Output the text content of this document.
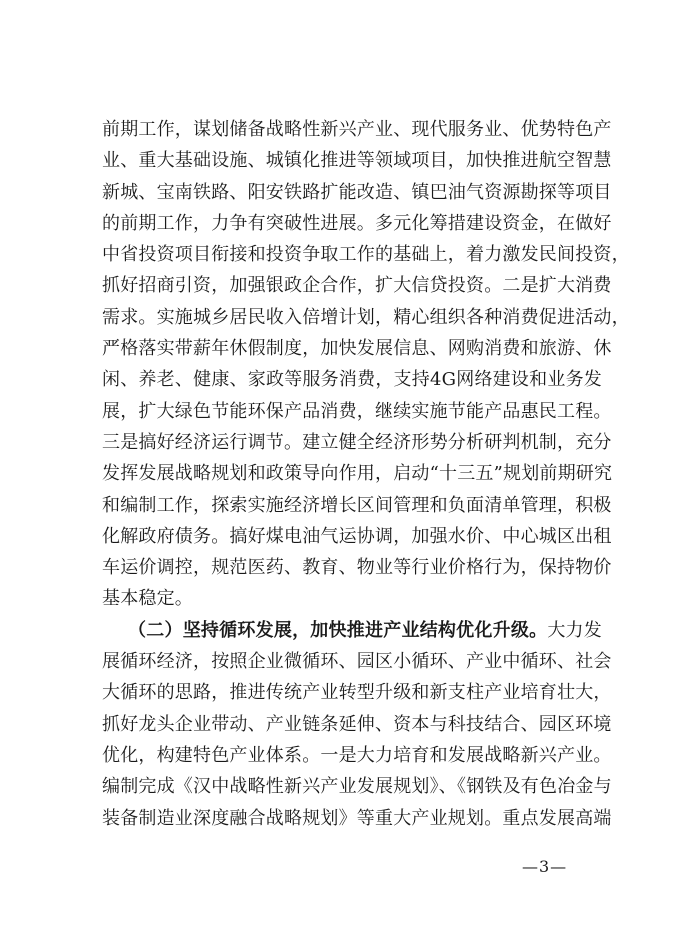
前期工作，谋划储备战略性新兴产业、现代服务业、优势特色产
业、重大基础设施、城镇化推进等领域项目，加快推进航空智慧
新城、宝南铁路、阳安铁路扩能改造、镇巴油气资源勘探等项目
的前期工作，力争有突破性进展。多元化筹措建设资金，在做好
中省投资项目衔接和投资争取工作的基础上，着力激发民间投资，
抓好招商引资，加强银政企合作，扩大信贷投资。二是扩大消费
需求。实施城乡居民收入倍增计划，精心组织各种消费促进活动，
严格落实带薪年休假制度，加快发展信息、网购消费和旅游、休
闲、养老、健康、家政等服务消费，支持4G网络建设和业务发
展，扩大绿色节能环保产品消费，继续实施节能产品惠民工程。
三是搞好经济运行调节。建立健全经济形势分析研判机制，充分
发挥发展战略规划和政策导向作用，启动“十三五”规划前期研究
和编制工作，探索实施经济增长区间管理和负面清单管理，积极
化解政府债务。搞好煤电油气运协调，加强水价、中心城区出租
车运价调控，规范医药、教育、物业等行业价格行为，保持物价
基本稳定。
（二）坚持循环发展，加快推进产业结构优化升级。大力发
展循环经济，按照企业微循环、园区小循环、产业中循环、社会
大循环的思路，推进传统产业转型升级和新支柱产业培育壮大，
抓好龙头企业带动、产业链条延伸、资本与科技结合、园区环境
优化，构建特色产业体系。一是大力培育和发展战略新兴产业。
编制完成《汉中战略性新兴产业发展规划》、《钢铁及有色冶金与
装备制造业深度融合战略规划》等重大产业规划。重点发展高端
—3—
